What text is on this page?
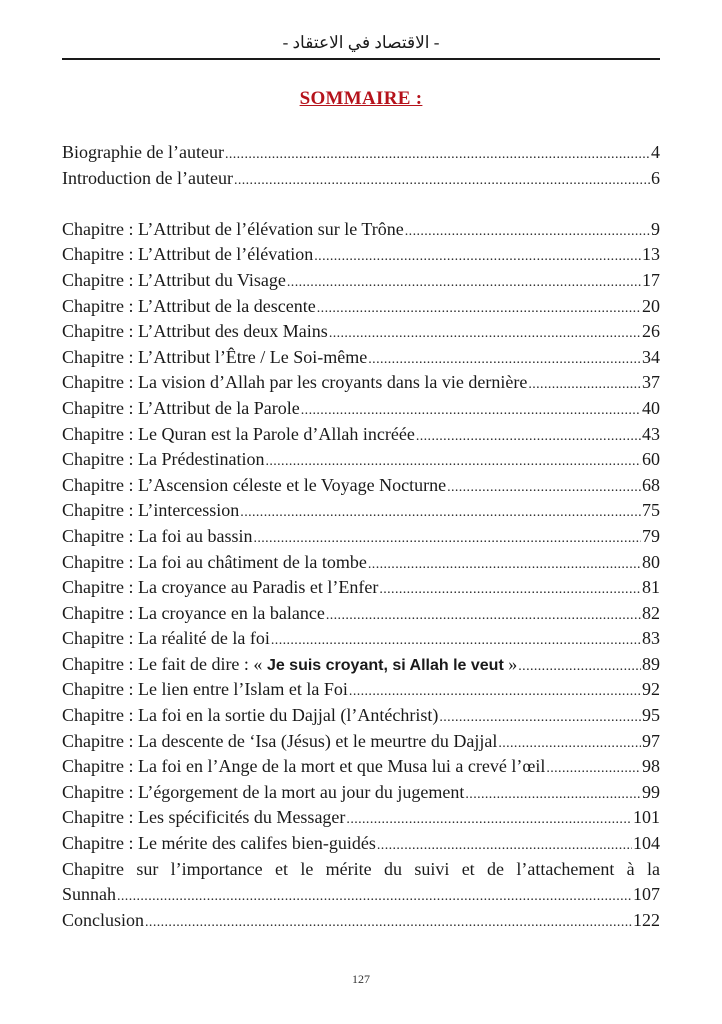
- الاقتصاد في الاعتقاد -
SOMMAIRE :
Biographie de l’auteur .....	4
Introduction de l’auteur .....	6
Chapitre : L’Attribut de l’élévation sur le Trône .....	9
Chapitre : L’Attribut de l’élévation .....	13
Chapitre : L’Attribut du Visage .....	17
Chapitre : L’Attribut de la descente .....	20
Chapitre : L’Attribut des deux Mains .....	26
Chapitre : L’Attribut l’Être / Le Soi-même .....	34
Chapitre : La vision d’Allah par les croyants dans la vie dernière .....	37
Chapitre : L’Attribut de la Parole .....	40
Chapitre : Le Quran est la Parole d’Allah incréée .....	43
Chapitre : La Prédestination .....	60
Chapitre : L’Ascension céleste et le Voyage Nocturne .....	68
Chapitre : L’intercession .....	75
Chapitre : La foi au bassin .....	79
Chapitre : La foi au châtiment de la tombe .....	80
Chapitre : La croyance au Paradis et l’Enfer .....	81
Chapitre : La croyance en la balance .....	82
Chapitre : La réalité de la foi .....	83
Chapitre : Le fait de dire : « Je suis croyant, si Allah le veut » .....	89
Chapitre : Le lien entre l’Islam et la Foi .....	92
Chapitre : La foi en la sortie du Dajjal (l’Antéchrist) .....	95
Chapitre : La descente de ‘Isa (Jésus) et le meurtre du Dajjal .....	97
Chapitre : La foi en l’Ange de la mort et que Musa lui a crevé l’œil .....	98
Chapitre : L’égorgement de la mort au jour du jugement .....	99
Chapitre : Les spécificités du Messager .....	101
Chapitre : Le mérite des califes bien-guidés .....	104
Chapitre sur l’importance et le mérite du suivi et de l’attachement à la
Sunnah .....	107
Conclusion .....	122
127
